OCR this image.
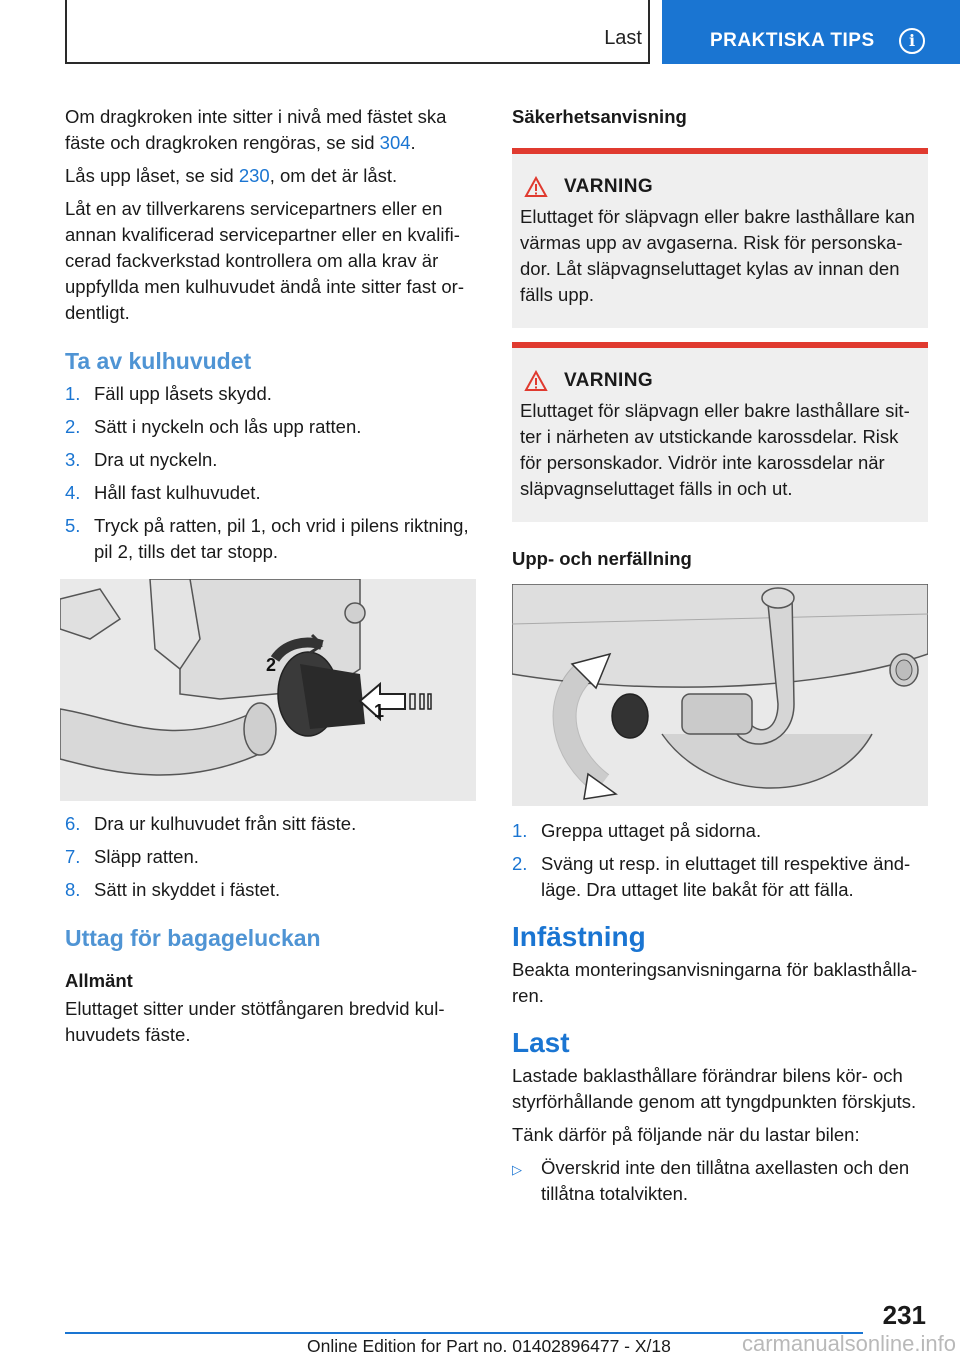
Last	PRAKTISKA TIPS	i

Om dragkroken inte sitter i nivå med fästet ska fäste och dragkroken rengöras, se sid 304.

Lås upp låset, se sid 230, om det är låst.

Låt en av tillverkarens servicepartners eller en annan kvalificerad servicepartner eller en kvalificerad fackverkstad kontrollera om alla krav är uppfyllda men kulhuvudet ändå inte sitter fast ordentligt.

Ta av kulhuvudet
1. Fäll upp låsets skydd.
2. Sätt i nyckeln och lås upp ratten.
3. Dra ut nyckeln.
4. Håll fast kulhuvudet.
5. Tryck på ratten, pil 1, och vrid i pilens riktning, pil 2, tills det tar stopp.
2
1
6. Dra ur kulhuvudet från sitt fäste.
7. Släpp ratten.
8. Sätt in skyddet i fästet.
Uttag för bagageluckan
Allmänt

Eluttaget sitter under stötfångaren bredvid kulhuvudets fäste.

Säkerhetsanvisning
VARNING

Eluttaget för släpvagn eller bakre lasthållare kan värmas upp av avgaserna. Risk för personskador. Låt släpvagnseluttaget kylas av innan den fälls upp.

VARNING

Eluttaget för släpvagn eller bakre lasthållare sitter i närheten av utstickande karossdelar. Risk för personskador. Vidrör inte karossdelar när släpvagnseluttaget fälls in och ut.

Upp- och nerfällning
1. Greppa uttaget på sidorna.
2. Sväng ut resp. in eluttaget till respektive ändläge. Dra uttaget lite bakåt för att fälla.
Infästning

Beakta monteringsanvisningarna för baklasthållaren.

Last

Lastade baklasthållare förändrar bilens kör- och styrförhållande genom att tyngdpunkten förskjuts.

Tänk därför på följande när du lastar bilen:

▷	Överskrid inte den tillåtna axellasten och den tillåtna totalvikten.
231
Online Edition for Part no. 01402896477 - X/18	carmanualsonline.info
